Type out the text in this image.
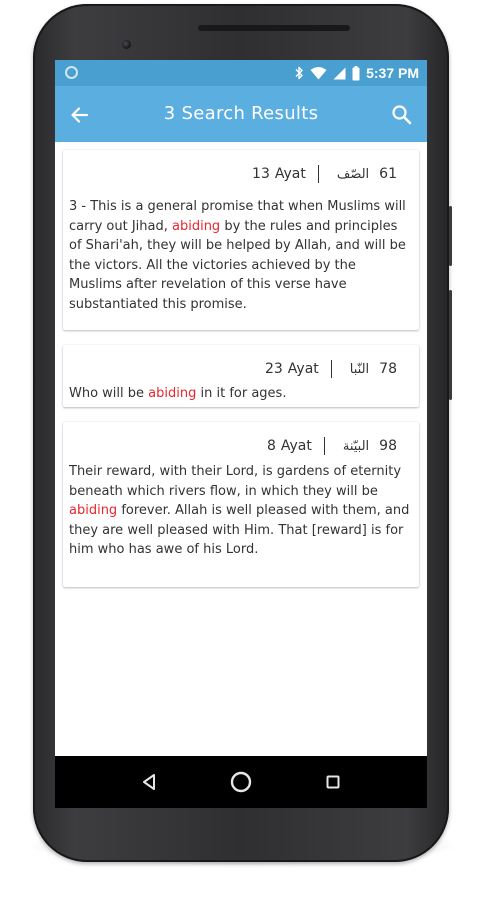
5:37 PM
3 Search Results
13 Ayat الصّف 61
3 - This is a general promise that when Muslims will carry out Jihad, abiding by the rules and principles of Shari'ah, they will be helped by Allah, and will be the victors. All the victories achieved by the Muslims after revelation of this verse have substantiated this promise.
23 Ayat النّبا 78
Who will be abiding in it for ages.
8 Ayat البيّنة 98
Their reward, with their Lord, is gardens of eternity beneath which rivers flow, in which they will be abiding forever. Allah is well pleased with them, and they are well pleased with Him. That [reward] is for him who has awe of his Lord.
